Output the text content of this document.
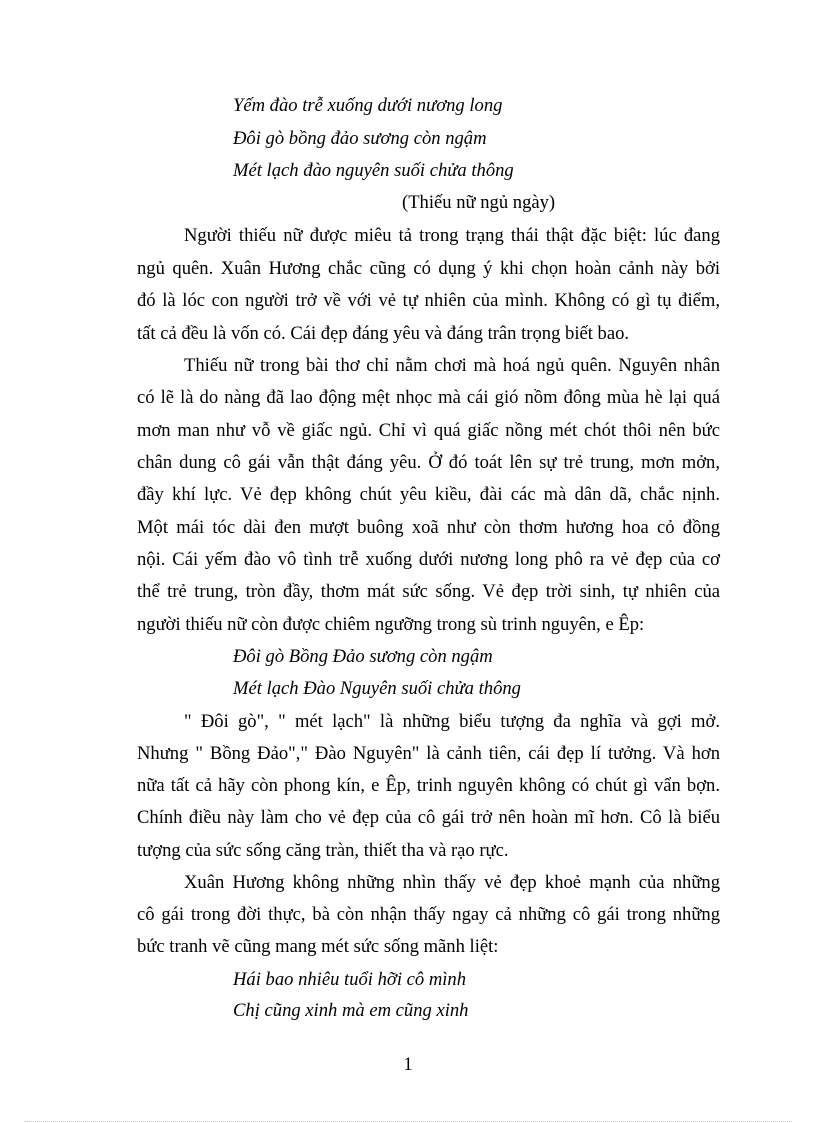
Yếm đào trễ xuống dưới nương long
Đôi gò bồng đảo sương còn ngậm
Mét lạch đào nguyên suối chửa thông
(Thiếu nữ ngủ ngày)
Người thiếu nữ được miêu tả trong trạng thái thật đặc biệt: lúc đang
ngủ quên. Xuân Hương chắc cũng có dụng ý khi chọn hoàn cảnh này bởi
đó là lóc con người trở về với vẻ tự nhiên của mình. Không có gì tụ điểm,
tất cả đều là vốn có. Cái đẹp đáng yêu và đáng trân trọng biết bao.
Thiếu nữ trong bài thơ chỉ nằm chơi mà hoá ngủ quên. Nguyên nhân
có lẽ là do nàng đã lao động mệt nhọc mà cái gió nồm đông mùa hè lại quá
mơn man như vỗ về giấc ngủ. Chỉ vì quá giấc nồng mét chót thôi nên bức
chân dung cô gái vẫn thật đáng yêu. Ở đó toát lên sự trẻ trung, mơn mởn,
đầy khí lực. Vẻ đẹp không chút yêu kiều, đài các mà dân dã, chắc nịnh.
Một mái tóc dài đen mượt buông xoã như còn thơm hương hoa cỏ đồng
nội. Cái yếm đào vô tình trễ xuống dưới nương long phô ra vẻ đẹp của cơ
thể trẻ trung, tròn đầy, thơm mát sức sống. Vẻ đẹp trời sinh, tự nhiên của
người thiếu nữ còn được chiêm ngưỡng trong sù trinh nguyên, e Êp:
Đôi gò Bồng Đảo sương còn ngậm
Mét lạch Đào Nguyên suối chửa thông
" Đôi gò", " mét lạch" là những biểu tượng đa nghĩa và gợi mở.
Nhưng " Bồng Đảo"," Đào Nguyên" là cảnh tiên, cái đẹp lí tưởng. Và hơn
nữa tất cả hãy còn phong kín, e Êp, trinh nguyên không có chút gì vẩn bợn.
Chính điều này làm cho vẻ đẹp của cô gái trở nên hoàn mĩ hơn. Cô là biểu
tượng của sức sống căng tràn, thiết tha và rạo rực.
Xuân Hương không những nhìn thấy vẻ đẹp khoẻ mạnh của những
cô gái trong đời thực, bà còn nhận thấy ngay cả những cô gái trong những
bức tranh vẽ cũng mang mét sức sống mãnh liệt:
Hái bao nhiêu tuổi hỡi cô mình
Chị cũng xinh mà em cũng xinh
1
